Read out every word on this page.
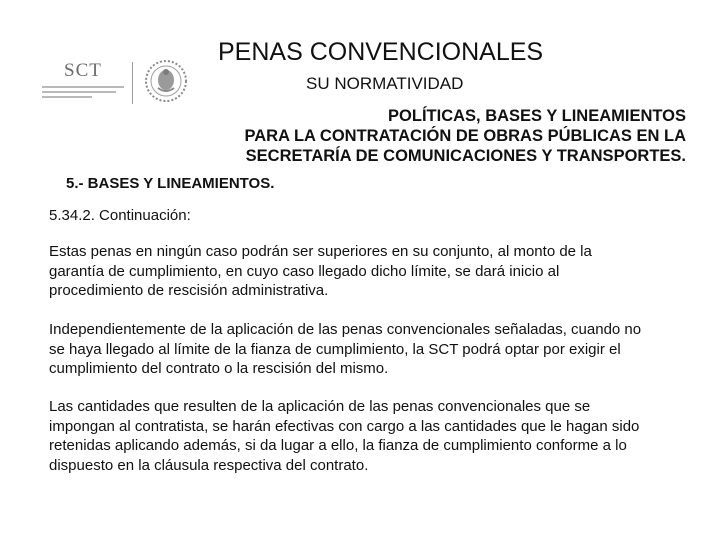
SCT
PENAS CONVENCIONALES
SU NORMATIVIDAD
POLÍTICAS, BASES Y LINEAMIENTOS
PARA LA CONTRATACIÓN DE OBRAS PÚBLICAS EN LA
SECRETARÍA DE COMUNICACIONES Y TRANSPORTES.
5.- BASES Y LINEAMIENTOS.
5.34.2. Continuación:
Estas penas en ningún caso podrán ser superiores en su conjunto, al monto de la
garantía de cumplimiento, en cuyo caso llegado dicho límite, se dará inicio al
procedimiento de rescisión administrativa.
Independientemente de la aplicación de las penas convencionales señaladas, cuando no
se haya llegado al límite de la fianza de cumplimiento, la SCT podrá optar por exigir el
cumplimiento del contrato o la rescisión del mismo.
Las cantidades que resulten de la aplicación de las penas convencionales que se
impongan al contratista, se harán efectivas con cargo a las cantidades que le hagan sido
retenidas aplicando además, si da lugar a ello, la fianza de cumplimiento conforme a lo
dispuesto en la cláusula respectiva del contrato.
